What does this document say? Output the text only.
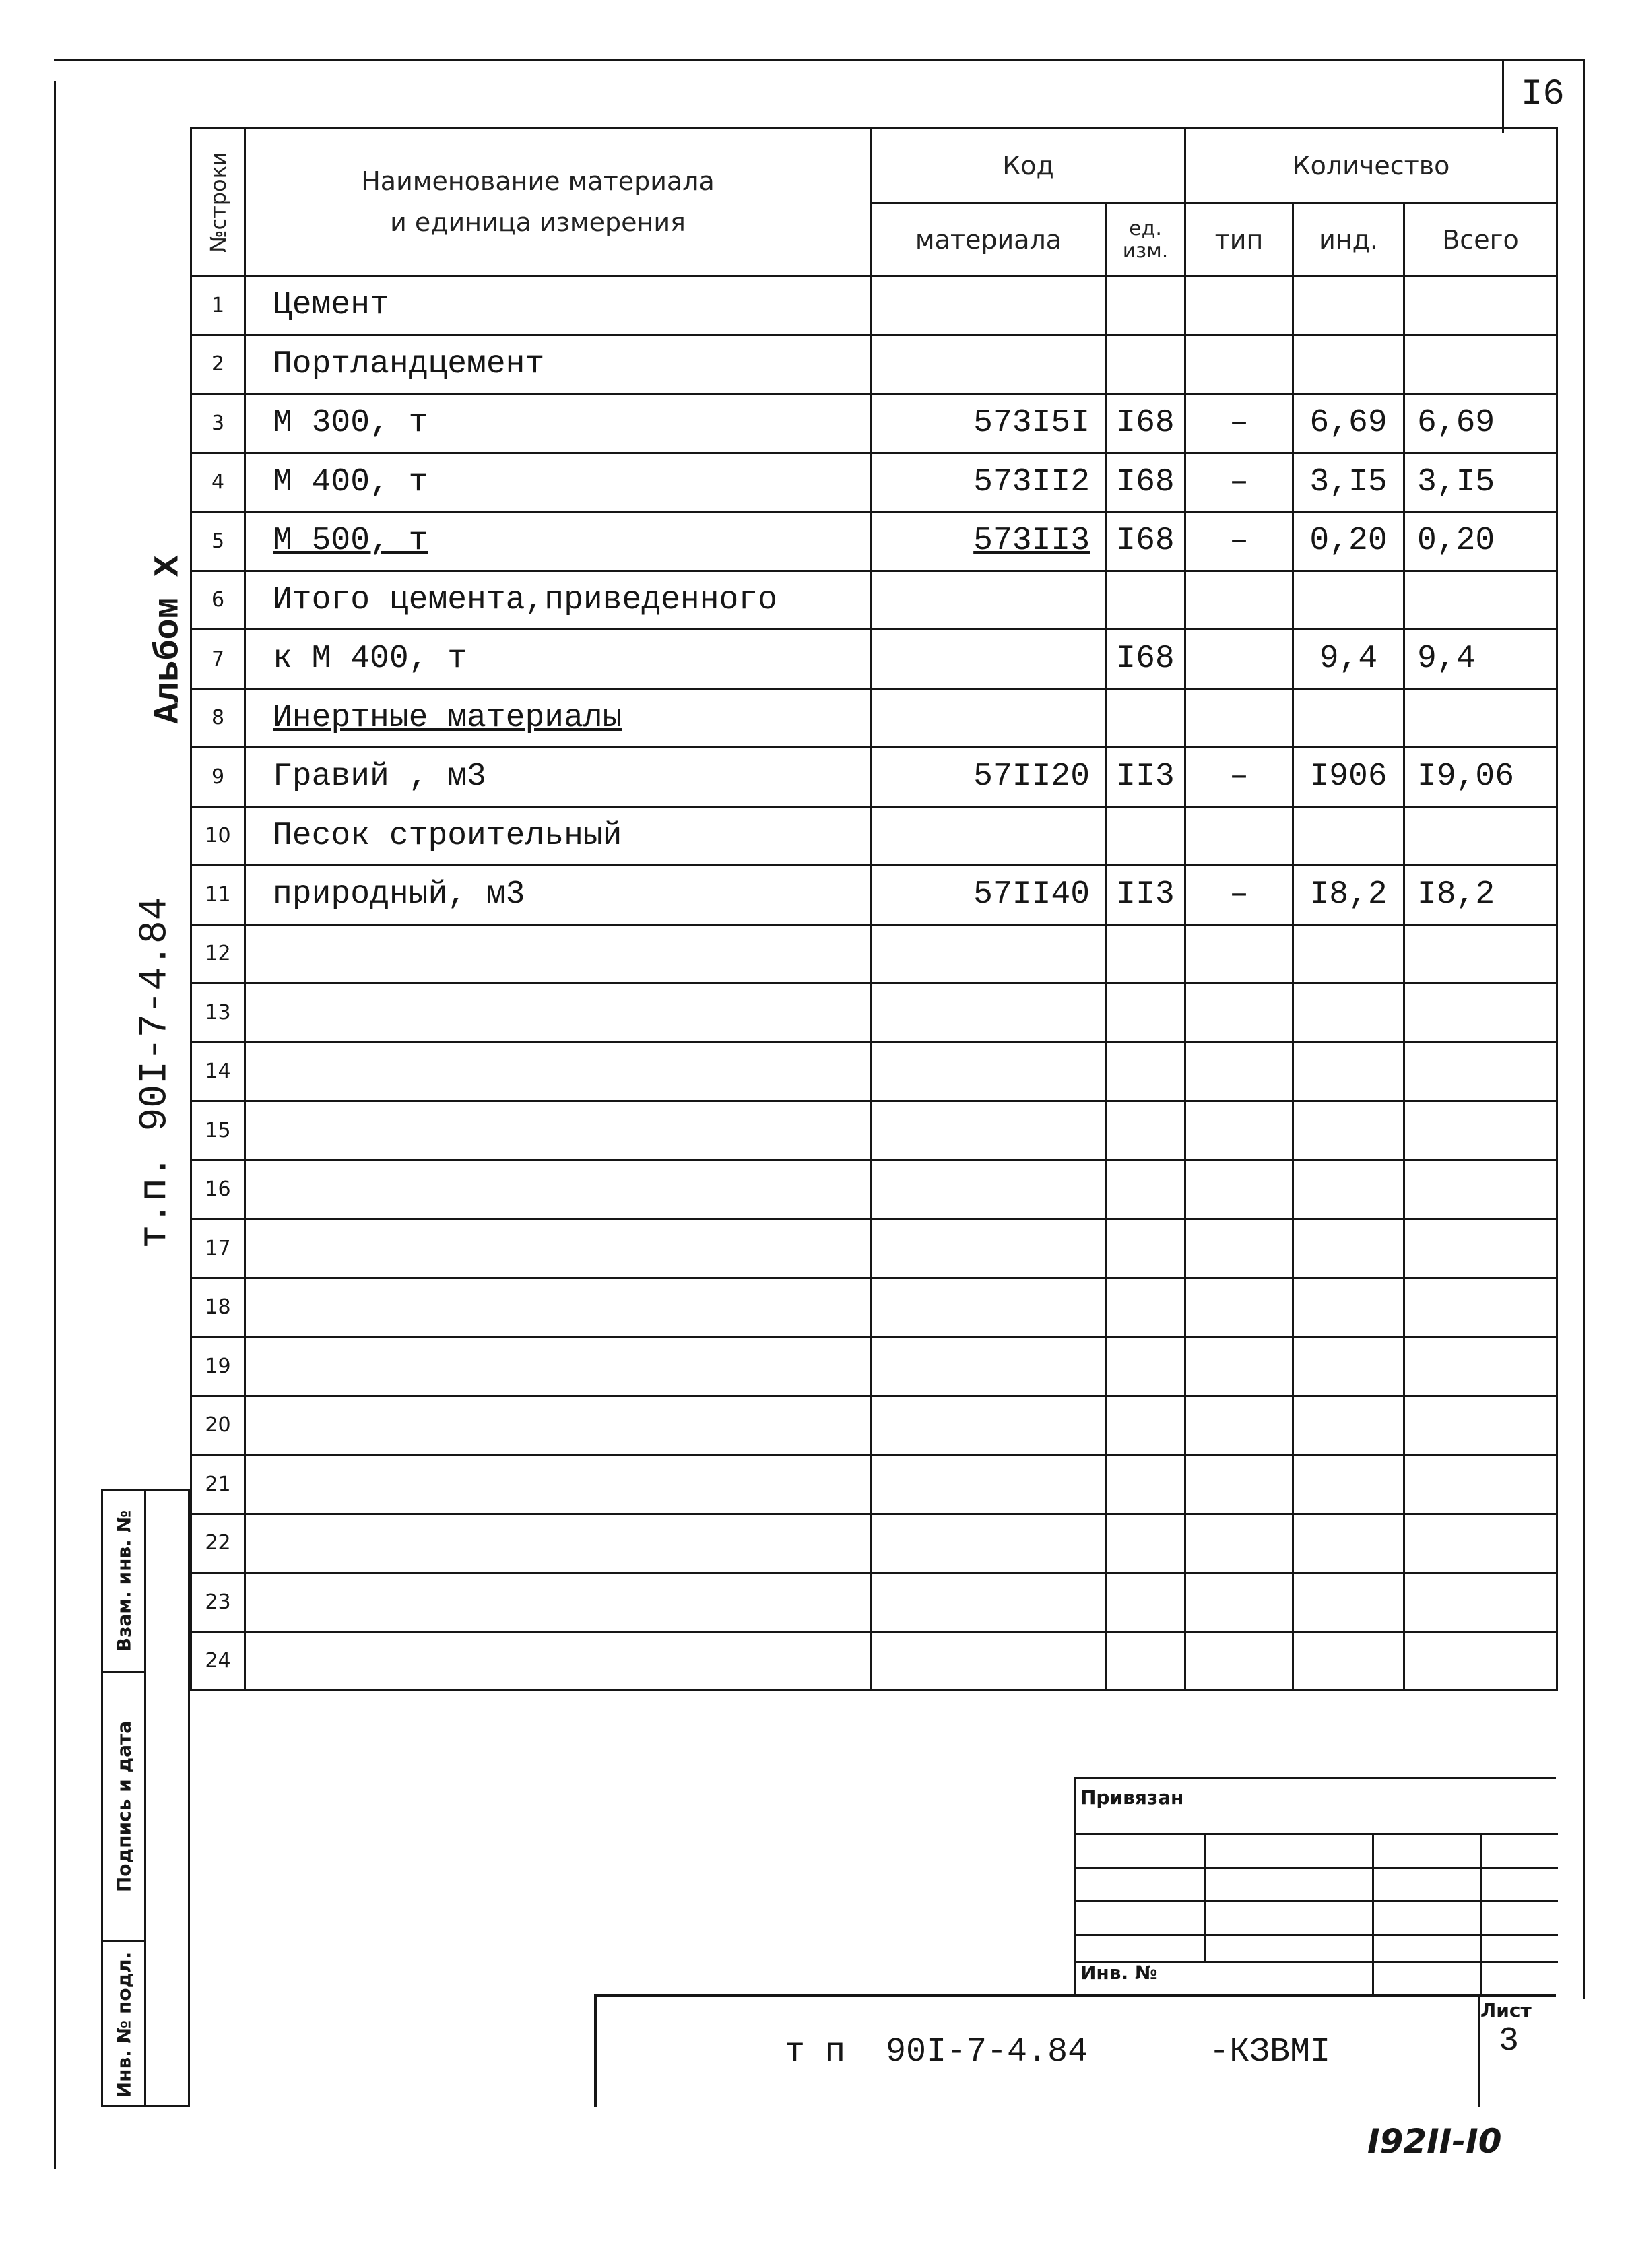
I6
Альбом X
т.п. 90I-7-4.84
№строки	Наименование материала
и единица измерения	Код		Количество		
		материала	ед. изм.	тип	инд.	Всего
1	Цемент					
2	Портландцемент					
3	М 300, т	573I5I	I68	–	6,69	6,69
4	М 400, т	573II2	I68	–	3,I5	3,I5
5	М 500, т	573II3	I68	–	0,20	0,20
6	Итого цемента,приведенного					
7	к М 400, т		I68		9,4	9,4
8	Инертные материалы					
9	Гравий , м3	57II20	II3	–	I906	I9,06
10	Песок строительный					
11	природный, м3	57II40	II3	–	I8,2	I8,2
12						
13						
14						
15						
16						
17						
18						
19						
20						
21						
22						
23						
24						
Взам. инв. №
Подпись и дата
Инв. № подл.
Привязан
Инв. №
т п  90I-7-4.84      -КЗВМI
Лист
3
I92II-I0
